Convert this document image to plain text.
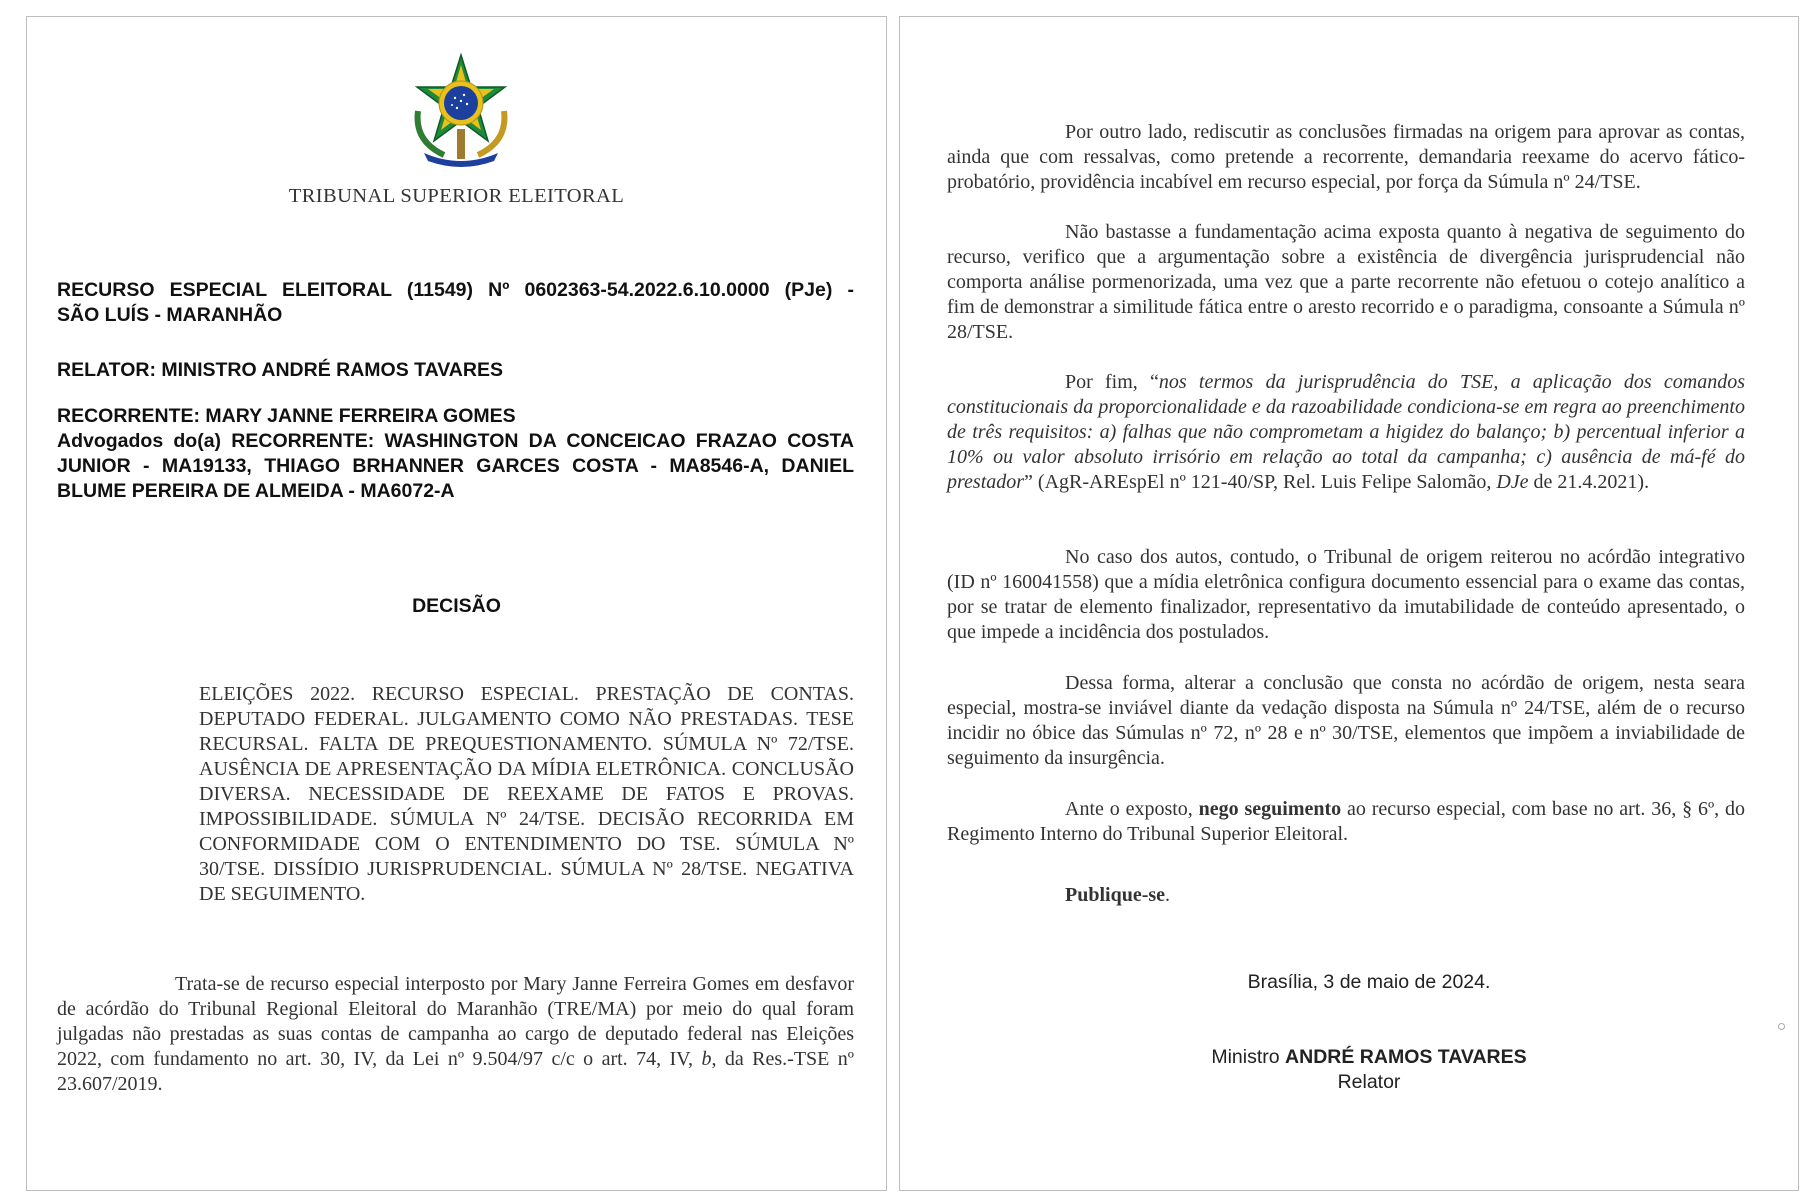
TRIBUNAL SUPERIOR ELEITORAL
RECURSO ESPECIAL ELEITORAL (11549) Nº 0602363-54.2022.6.10.0000 (PJe) -
SÃO LUÍS - MARANHÃO
RELATOR: MINISTRO ANDRÉ RAMOS TAVARES
RECORRENTE: MARY JANNE FERREIRA GOMES
Advogados do(a) RECORRENTE: WASHINGTON DA CONCEICAO FRAZAO COSTA JUNIOR - MA19133, THIAGO BRHANNER GARCES COSTA - MA8546-A, DANIEL BLUME PEREIRA DE ALMEIDA - MA6072-A
DECISÃO
ELEIÇÕES 2022. RECURSO ESPECIAL. PRESTAÇÃO DE CONTAS. DEPUTADO FEDERAL. JULGAMENTO COMO NÃO PRESTADAS. TESE RECURSAL. FALTA DE PREQUESTIONAMENTO. SÚMULA Nº 72/TSE. AUSÊNCIA DE APRESENTAÇÃO DA MÍDIA ELETRÔNICA. CONCLUSÃO DIVERSA. NECESSIDADE DE REEXAME DE FATOS E PROVAS. IMPOSSIBILIDADE. SÚMULA Nº 24/TSE. DECISÃO RECORRIDA EM CONFORMIDADE COM O ENTENDIMENTO DO TSE. SÚMULA Nº 30/TSE. DISSÍDIO JURISPRUDENCIAL. SÚMULA Nº 28/TSE. NEGATIVA DE SEGUIMENTO.
Trata-se de recurso especial interposto por Mary Janne Ferreira Gomes em desfavor de acórdão do Tribunal Regional Eleitoral do Maranhão (TRE/MA) por meio do qual foram julgadas não prestadas as suas contas de campanha ao cargo de deputado federal nas Eleições 2022, com fundamento no art. 30, IV, da Lei nº 9.504/97 c/c o art. 74, IV, b, da Res.-TSE nº 23.607/2019.
Por outro lado, rediscutir as conclusões firmadas na origem para aprovar as contas, ainda que com ressalvas, como pretende a recorrente, demandaria reexame do acervo fático-probatório, providência incabível em recurso especial, por força da Súmula nº 24/TSE.
Não bastasse a fundamentação acima exposta quanto à negativa de seguimento do recurso, verifico que a argumentação sobre a existência de divergência jurisprudencial não comporta análise pormenorizada, uma vez que a parte recorrente não efetuou o cotejo analítico a fim de demonstrar a similitude fática entre o aresto recorrido e o paradigma, consoante a Súmula nº 28/TSE.
Por fim, “nos termos da jurisprudência do TSE, a aplicação dos comandos constitucionais da proporcionalidade e da razoabilidade condiciona-se em regra ao preenchimento de três requisitos: a) falhas que não comprometam a higidez do balanço; b) percentual inferior a 10% ou valor absoluto irrisório em relação ao total da campanha; c) ausência de má-fé do prestador” (AgR-AREspEl nº 121-40/SP, Rel. Luis Felipe Salomão, DJe de 21.4.2021).
No caso dos autos, contudo, o Tribunal de origem reiterou no acórdão integrativo (ID nº 160041558) que a mídia eletrônica configura documento essencial para o exame das contas, por se tratar de elemento finalizador, representativo da imutabilidade de conteúdo apresentado, o que impede a incidência dos postulados.
Dessa forma, alterar a conclusão que consta no acórdão de origem, nesta seara especial, mostra-se inviável diante da vedação disposta na Súmula nº 24/TSE, além de o recurso incidir no óbice das Súmulas nº 72, nº 28 e nº 30/TSE, elementos que impõem a inviabilidade de seguimento da insurgência.
Ante o exposto, nego seguimento ao recurso especial, com base no art. 36, § 6º, do Regimento Interno do Tribunal Superior Eleitoral.
Publique-se.
Brasília, 3 de maio de 2024.
Ministro ANDRÉ RAMOS TAVARES
Relator
